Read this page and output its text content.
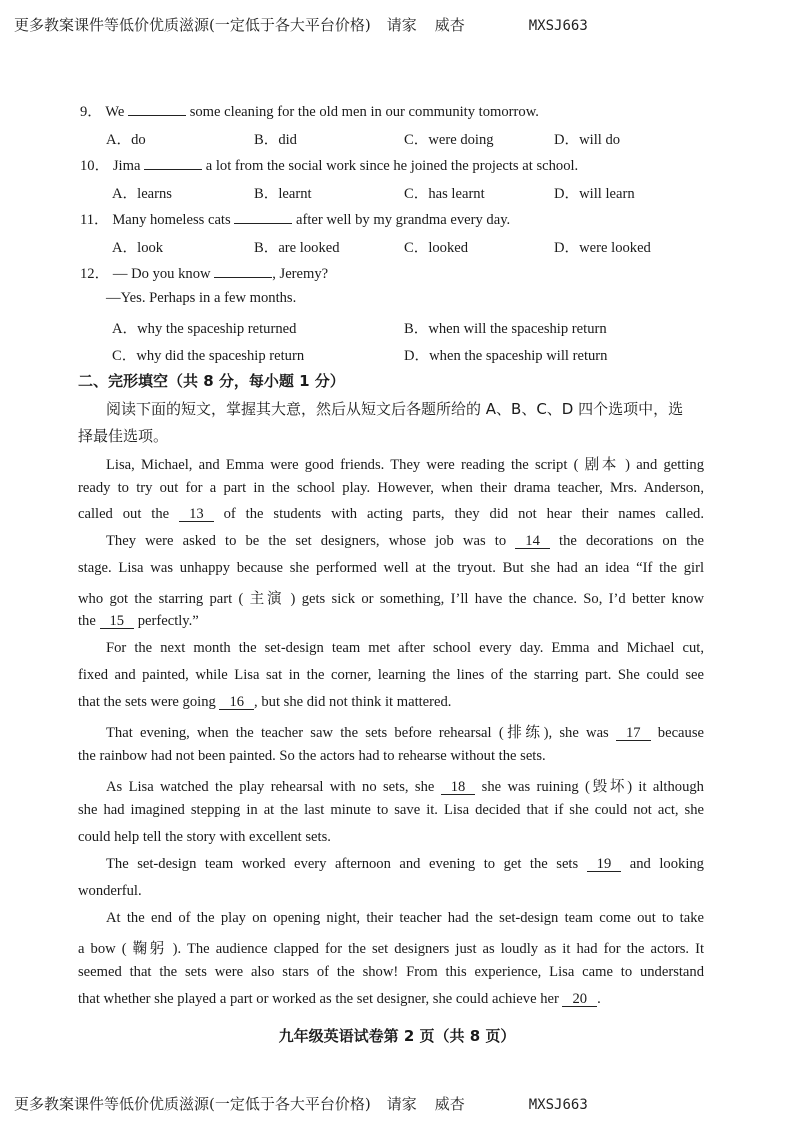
更多教案课件等低价优质滋源(一定低于各大平台价格) 请家 威杏	MXSJ663
9． We	some cleaning for the old men in our community tomorrow.
A．do	B．did	C．were doing	D．will do
10． Jima	a lot from the social work since he joined the projects at school.
A．learns	B．learnt	C．has learnt	D．will learn
11． Many homeless cats	after well by my grandma every day.
A．look	B．are looked	C．looked	D．were looked
12． — Do you know	, Jeremy?
—Yes. Perhaps in a few months.
A．why the spaceship returned	B．when will the spaceship return
C．why did the spaceship return	D．when the spaceship will return
二、完形填空（共 8 分，每小题 1 分）
阅读下面的短文，掌握其大意，然后从短文后各题所给的 A、B、C、D 四个选项中，选
择最佳选项。
Lisa, Michael, and Emma were good friends. They were reading the script ( 剧本 ) and getting
ready to try out for a part in the school play. However, when their drama teacher, Mrs. Anderson,
called out the 13 of the students with acting parts, they did not hear their names called.
They were asked to be the set designers, whose job was to 14 the decorations on the
stage. Lisa was unhappy because she performed well at the tryout. But she had an idea “If the girl
who got the starring part ( 主演 ) gets sick or something, I’ll have the chance. So, I’d better know
the 15 perfectly.”
For the next month the set-design team met after school every day. Emma and Michael cut,
fixed and painted, while Lisa sat in the corner, learning the lines of the starring part. She could see
that the sets were going 16 , but she did not think it mattered.
That evening, when the teacher saw the sets before rehearsal (排练), she was 17 because
the rainbow had not been painted. So the actors had to rehearse without the sets.
As Lisa watched the play rehearsal with no sets, she 18 she was ruining (毁坏) it although
she had imagined stepping in at the last minute to save it. Lisa decided that if she could not act, she
could help tell the story with excellent sets.
The set-design team worked every afternoon and evening to get the sets 19 and looking
wonderful.
At the end of the play on opening night, their teacher had the set-design team come out to take
a bow ( 鞠躬 ). The audience clapped for the set designers just as loudly as it had for the actors. It
seemed that the sets were also stars of the show! From this experience, Lisa came to understand
that whether she played a part or worked as the set designer, she could achieve her 20 .
九年级英语试卷第 2 页（共 8 页）
更多教案课件等低价优质滋源(一定低于各大平台价格) 请家 威杏	MXSJ663
